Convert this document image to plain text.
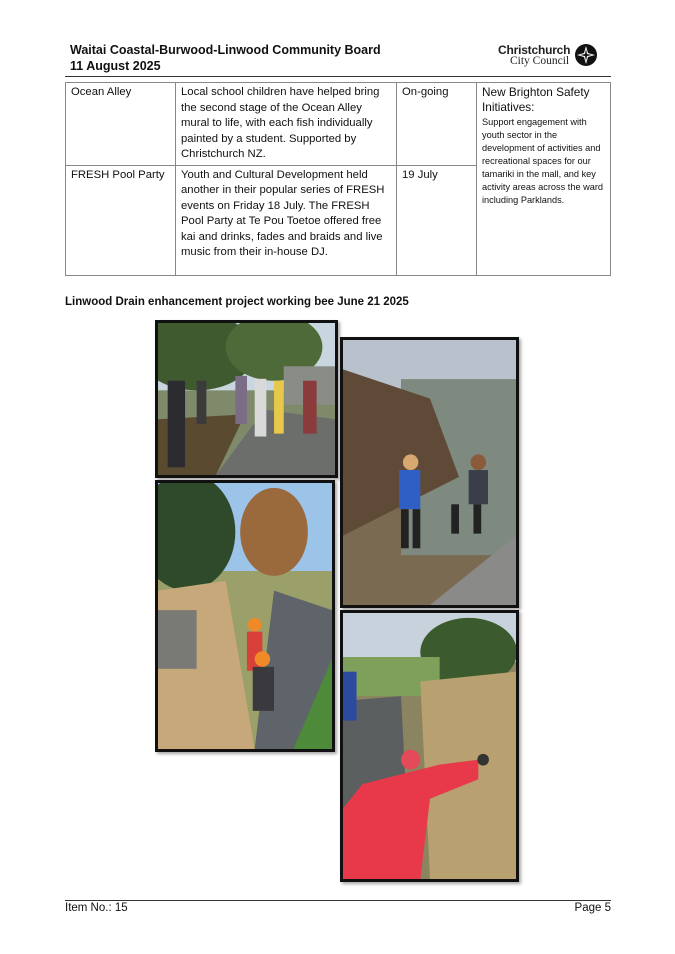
Waitai Coastal-Burwood-Linwood Community Board
11 August 2025
Christchurch
City Council
Ocean Alley	Local school children have helped bring the second stage of the Ocean Alley mural to life, with each fish individually painted by a student. Supported by Christchurch NZ.	On-going	New Brighton Safety Initiatives:
Support engagement with youth sector in the development of activities and recreational spaces for our tamariki in the mall, and key activity areas across the ward including Parklands.

FRESH Pool Party	Youth and Cultural Development held another in their popular series of FRESH events on Friday 18 July. The FRESH Pool Party at Te Pou Toetoe offered free kai and drinks, fades and braids and live music from their in-house DJ.	19 July	
Linwood Drain enhancement project working bee June 21 2025
Item No.: 15	Page 5
